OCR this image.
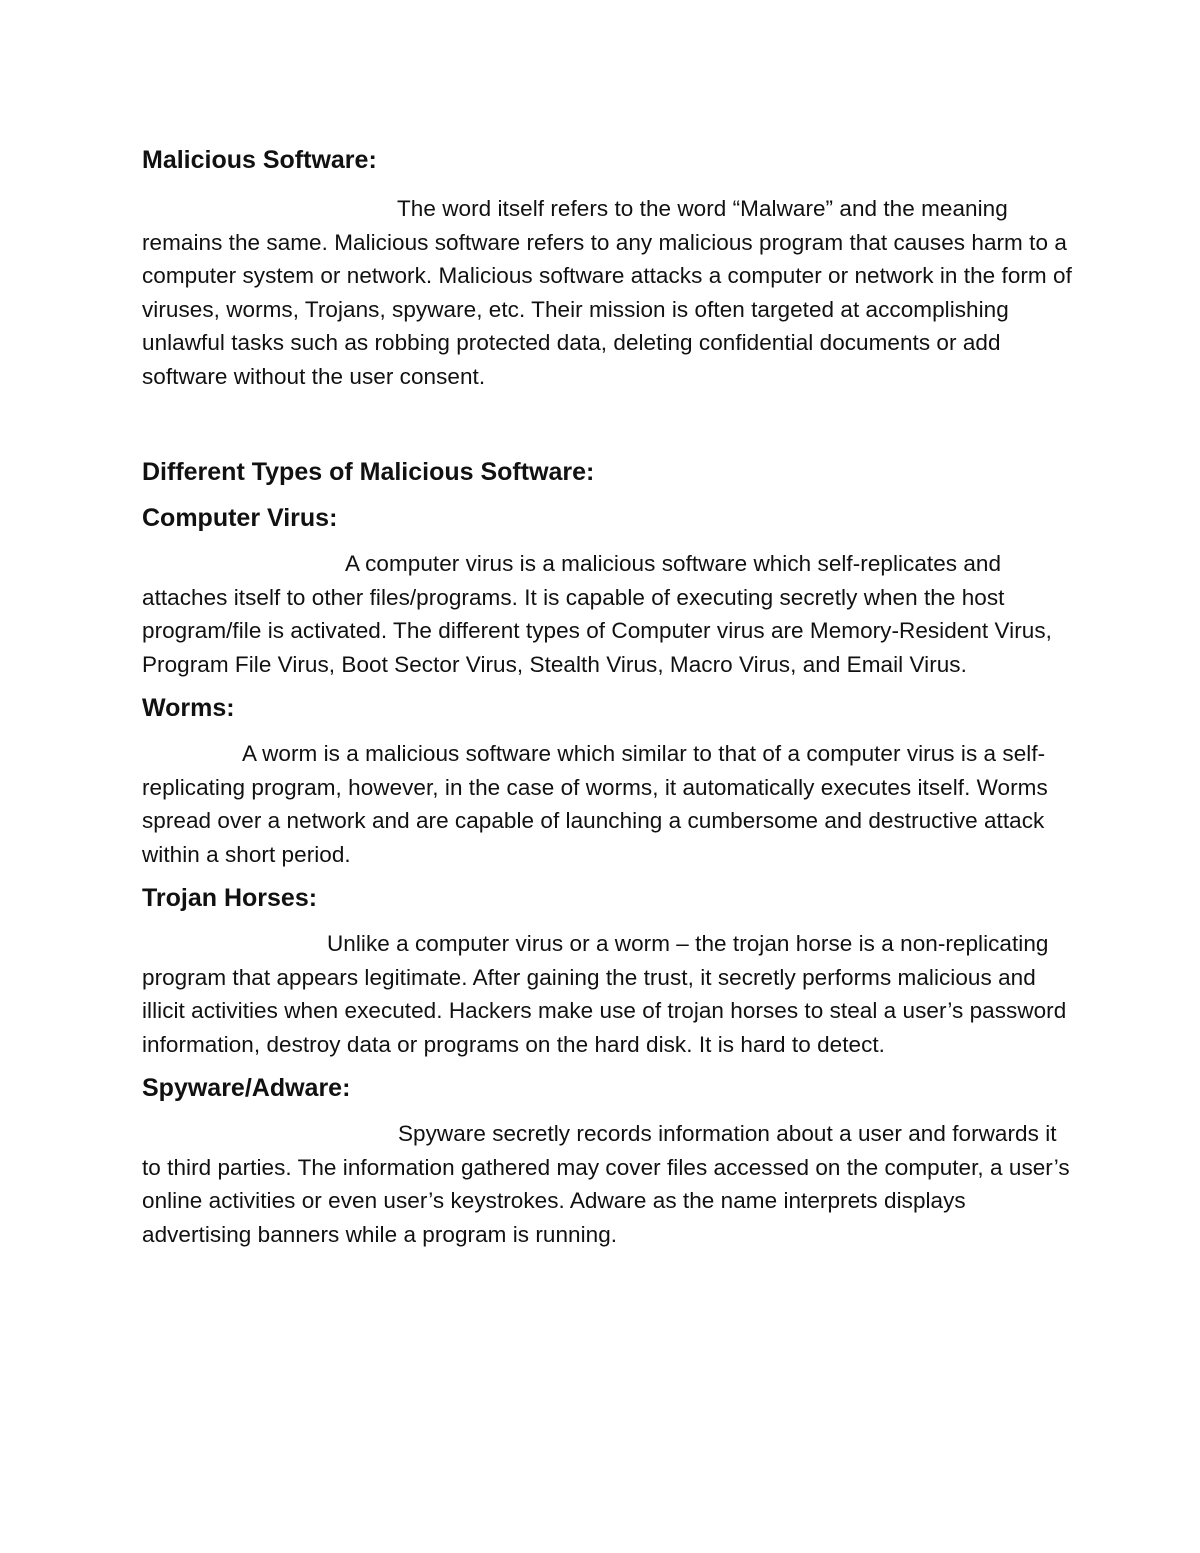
Malicious Software:

The word itself refers to the word “Malware” and the meaning remains the same. Malicious software refers to any malicious program that causes harm to a computer system or network. Malicious software attacks a computer or network in the form of viruses, worms, Trojans, spyware, etc. Their mission is often targeted at accomplishing unlawful tasks such as robbing protected data, deleting confidential documents or add software without the user consent.

Different Types of Malicious Software:
Computer Virus:

A computer virus is a malicious software which self-replicates and attaches itself to other files/programs. It is capable of executing secretly when the host program/file is activated. The different types of Computer virus are Memory-Resident Virus, Program File Virus, Boot Sector Virus, Stealth Virus, Macro Virus, and Email Virus.

Worms:

A worm is a malicious software which similar to that of a computer virus is a self-replicating program, however, in the case of worms, it automatically executes itself. Worms spread over a network and are capable of launching a cumbersome and destructive attack within a short period.

Trojan Horses:

Unlike a computer virus or a worm – the trojan horse is a non-replicating program that appears legitimate. After gaining the trust, it secretly performs malicious and illicit activities when executed. Hackers make use of trojan horses to steal a user’s password information, destroy data or programs on the hard disk. It is hard to detect.

Spyware/Adware:

Spyware secretly records information about a user and forwards it to third parties. The information gathered may cover files accessed on the computer, a user’s online activities or even user’s keystrokes. Adware as the name interprets displays advertising banners while a program is running.
